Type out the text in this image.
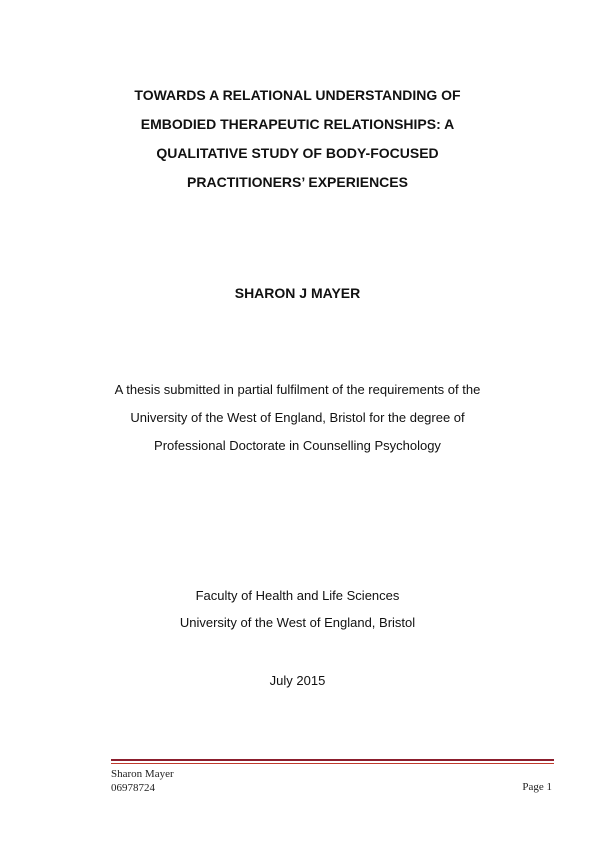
TOWARDS A RELATIONAL UNDERSTANDING OF
EMBODIED THERAPEUTIC RELATIONSHIPS: A
QUALITATIVE STUDY OF BODY-FOCUSED
PRACTITIONERS’ EXPERIENCES
SHARON J MAYER
A thesis submitted in partial fulfilment of the requirements of the
University of the West of England, Bristol for the degree of
Professional Doctorate in Counselling Psychology
Faculty of Health and Life Sciences
University of the West of England, Bristol
July 2015
Sharon Mayer
06978724	Page 1
